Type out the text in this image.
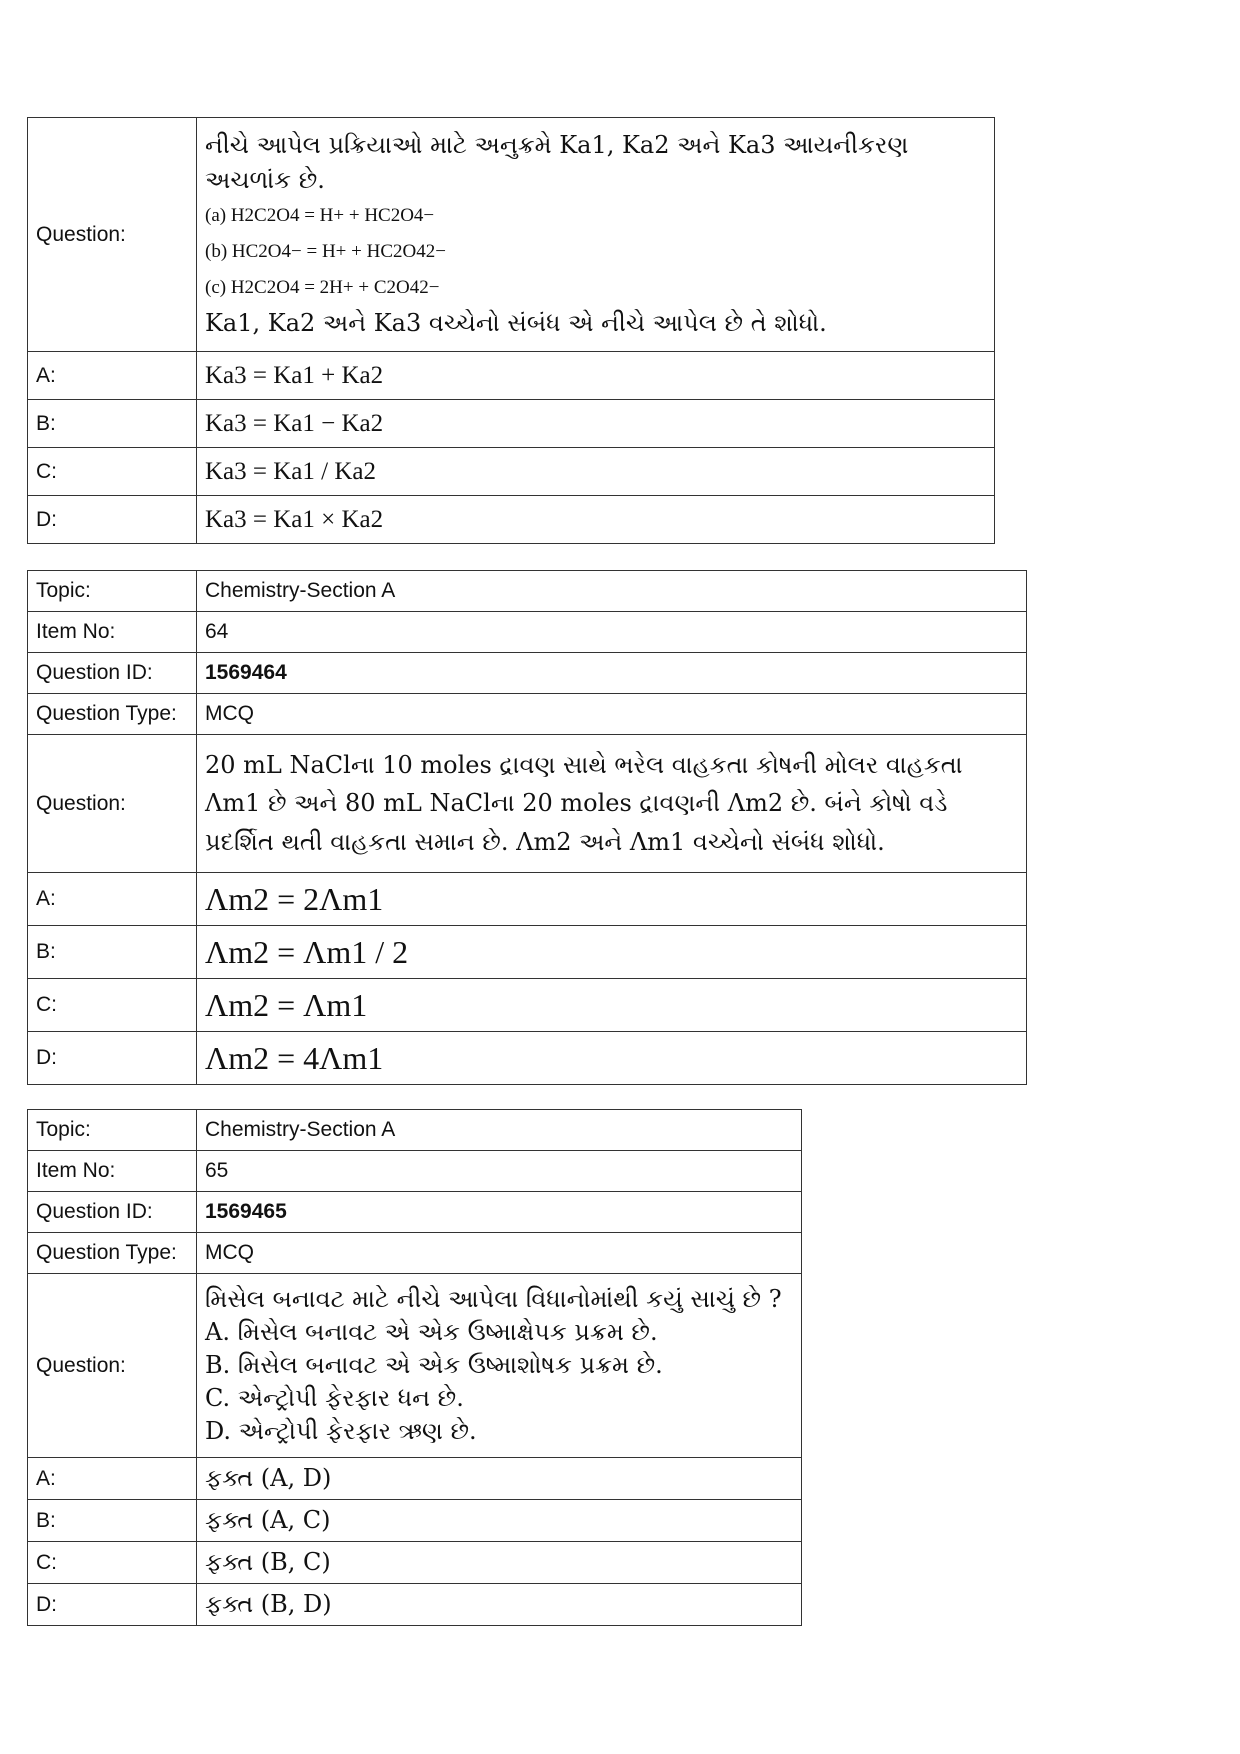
Question:	નીચે આપેલ પ્રક્રિયાઓ માટે અનુક્રમે Ka1, Ka2 અને Ka3 આયનીકરણ અચળાંક છે.
(a) H2C2O4 = H+ + HC2O4−
(b) HC2O4− = H+ + HC2O42−
(c) H2C2O4 = 2H+ + C2O42−
Ka1, Ka2 અને Ka3 વચ્ચેનો સંબંધ એ નીચે આપેલ છે તે શોધો.

A:	Ka3 = Ka1 + Ka2
B:	Ka3 = Ka1 − Ka2
C:	Ka3 = Ka1 / Ka2
D:	Ka3 = Ka1 × Ka2
Topic:	Chemistry-Section A
Item No:	64
Question ID:	1569464
Question Type:	MCQ
Question:	20 mL NaClના 10 moles દ્રાવણ સાથે ભરેલ વાહકતા કોષની મોલર વાહકતા Λm1 છે અને 80 mL NaClના 20 moles દ્રાવણની Λm2 છે. બંને કોષો વડે પ્રદર્શિત થતી વાહકતા સમાન છે. Λm2 અને Λm1 વચ્ચેનો સંબંધ શોધો.
A:	Λm2 = 2Λm1
B:	Λm2 = Λm1 / 2
C:	Λm2 = Λm1
D:	Λm2 = 4Λm1
Topic:	Chemistry-Section A
Item No:	65
Question ID:	1569465
Question Type:	MCQ
Question:	મિસેલ બનાવટ માટે નીચે આપેલા વિધાનોમાંથી કયું સાચું છે ?
A. મિસેલ બનાવટ એ એક ઉષ્માક્ષેપક પ્રક્રમ છે.
B. મિસેલ બનાવટ એ એક ઉષ્માશોષક પ્રક્રમ છે.
C. એન્ટ્રોપી ફેરફાર ધન છે.
D. એન્ટ્રોપી ફેરફાર ઋણ છે.

A:	ફક્ત (A, D)
B:	ફક્ત (A, C)
C:	ફક્ત (B, C)
D:	ફક્ત (B, D)
